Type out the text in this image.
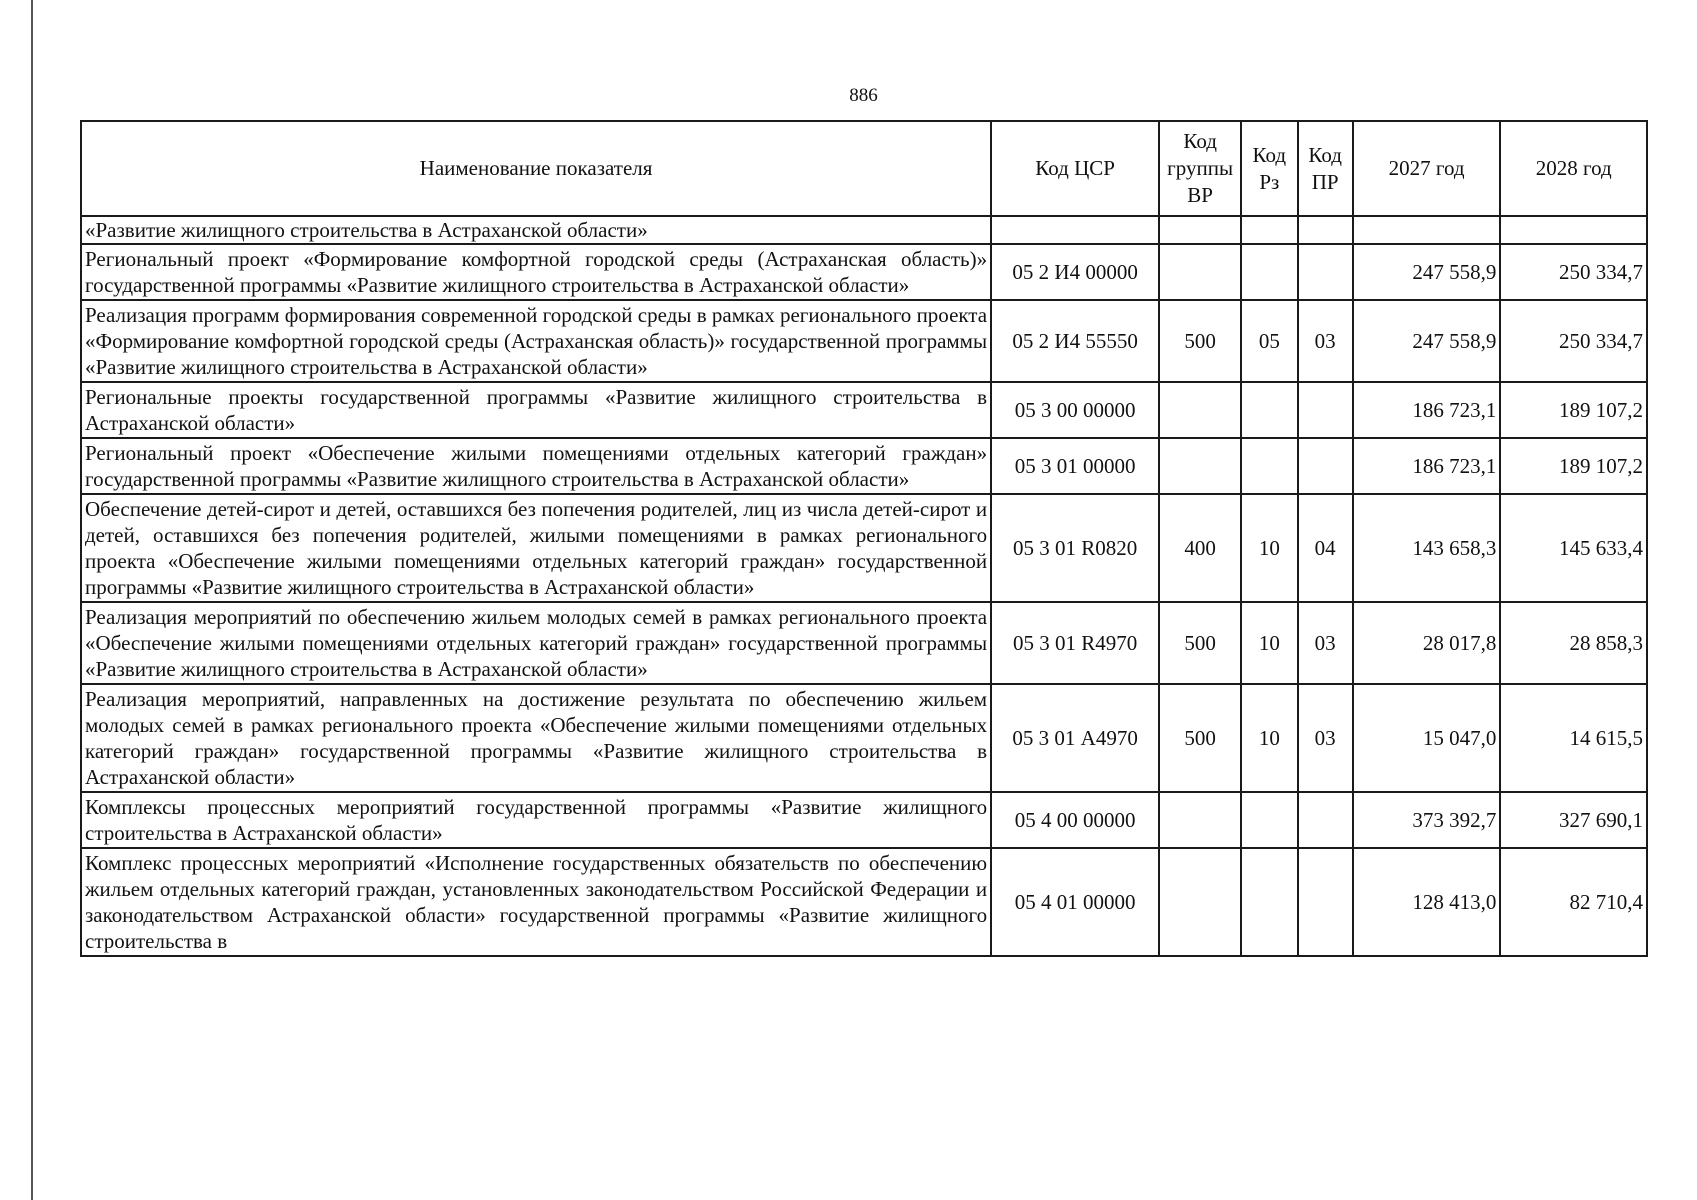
886
Наименование показателя	Код ЦСР	Код группы ВР	Код Рз	Код ПР	2027 год	2028 год
«Развитие жилищного строительства в Астраханской области»						
Региональный проект «Формирование комфортной городской среды (Астраханская область)» государственной программы «Развитие жилищного строительства в Астраханской области»	05 2 И4 00000				247 558,9	250 334,7
Реализация программ формирования современной городской среды в рамках регионального проекта «Формирование комфортной городской среды (Астраханская область)» государственной программы «Развитие жилищного строительства в Астраханской области»	05 2 И4 55550	500	05	03	247 558,9	250 334,7
Региональные проекты государственной программы «Развитие жилищного строительства в Астраханской области»	05 3 00 00000				186 723,1	189 107,2
Региональный проект «Обеспечение жилыми помещениями отдельных категорий граждан» государственной программы «Развитие жилищного строительства в Астраханской области»	05 3 01 00000				186 723,1	189 107,2
Обеспечение детей-сирот и детей, оставшихся без попечения родителей, лиц из числа детей-сирот и детей, оставшихся без попечения родителей, жилыми помещениями в рамках регионального проекта «Обеспечение жилыми помещениями отдельных категорий граждан» государственной программы «Развитие жилищного строительства в Астраханской области»	05 3 01 R0820	400	10	04	143 658,3	145 633,4
Реализация мероприятий по обеспечению жильем молодых семей в рамках регионального проекта «Обеспечение жилыми помещениями отдельных категорий граждан» государственной программы «Развитие жилищного строительства в Астраханской области»	05 3 01 R4970	500	10	03	28 017,8	28 858,3
Реализация мероприятий, направленных на достижение результата по обеспечению жильем молодых семей в рамках регионального проекта «Обеспечение жилыми помещениями отдельных категорий граждан» государственной программы «Развитие жилищного строительства в Астраханской области»	05 3 01 А4970	500	10	03	15 047,0	14 615,5
Комплексы процессных мероприятий государственной программы «Развитие жилищного строительства в Астраханской области»	05 4 00 00000				373 392,7	327 690,1
Комплекс процессных мероприятий «Исполнение государственных обязательств по обеспечению жильем отдельных категорий граждан, установленных законодательством Российской Федерации и законодательством Астраханской области» государственной программы «Развитие жилищного строительства в	05 4 01 00000				128 413,0	82 710,4
